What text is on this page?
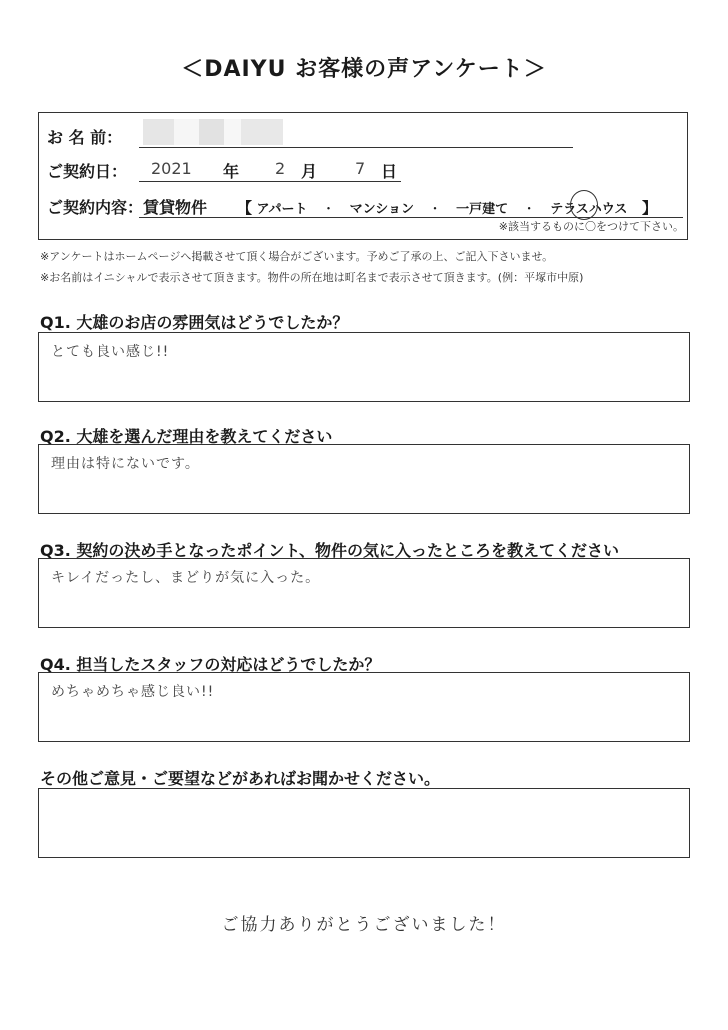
＜DAIYU お客様の声アンケート＞
お 名 前：
ご契約日： 2021 年 2 月 7 日
ご契約内容：賃貸物件 【 アパート ・ マンション ・ 一戸建て ・ テラスハウス 】
※該当するものに〇をつけて下さい。
※アンケートはホームページへ掲載させて頂く場合がございます。予めご了承の上、ご記入下さいませ。
※お名前はイニシャルで表示させて頂きます。物件の所在地は町名まで表示させて頂きます。(例：平塚市中原)
Q1. 大雄のお店の雰囲気はどうでしたか？
とても良い感じ!!
Q2. 大雄を選んだ理由を教えてください
理由は特にないです。
Q3. 契約の決め手となったポイント、物件の気に入ったところを教えてください
キレイだったし、まどりが気に入った。
Q4. 担当したスタッフの対応はどうでしたか？
めちゃめちゃ感じ良い!!
その他ご意見・ご要望などがあればお聞かせください。
ご協力ありがとうございました！
